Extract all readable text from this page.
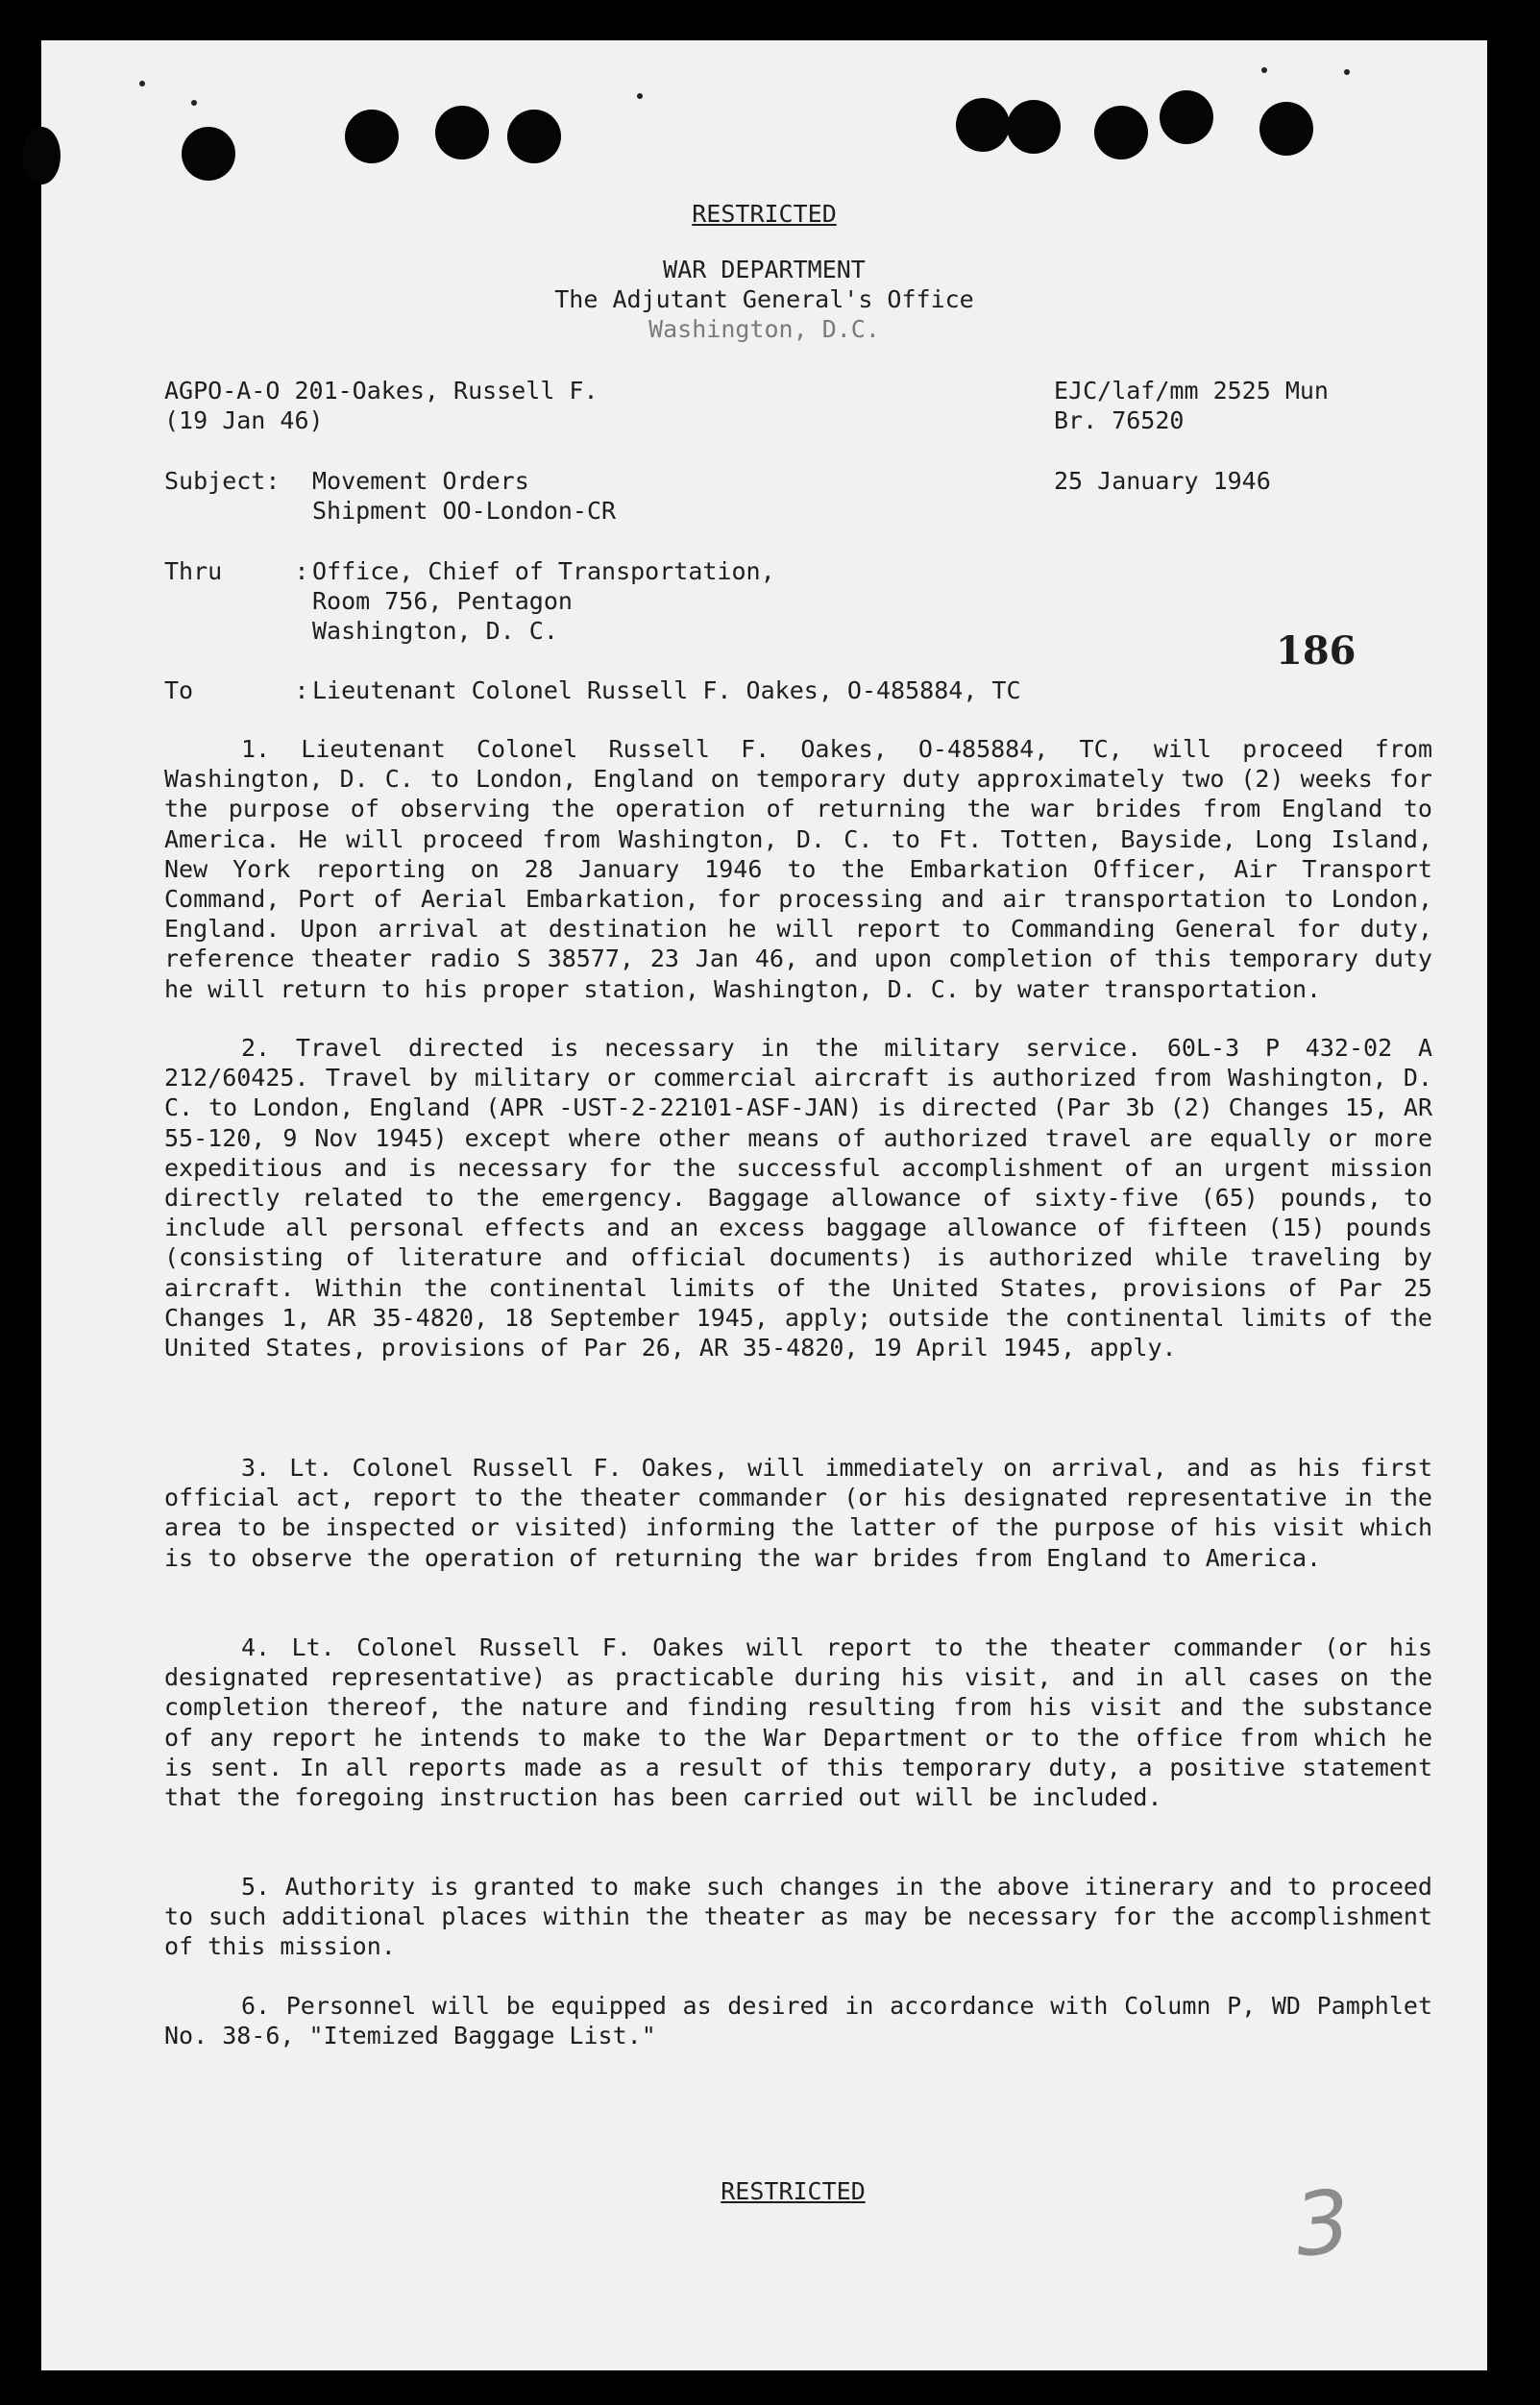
RESTRICTED
WAR DEPARTMENT
The Adjutant General's Office
Washington, D.C.
AGPO-A-O 201-Oakes, Russell F.
(19 Jan 46)
EJC/laf/mm 2525 Mun
Br. 76520
Subject: Movement Orders
Shipment OO-London-CR
25 January 1946
Thru     : Office, Chief of Transportation,
Room 756, Pentagon
Washington, D. C.	186
To       : Lieutenant Colonel Russell F. Oakes, O-485884, TC

1. Lieutenant Colonel Russell F. Oakes, O-485884, TC, will proceed from Washington, D. C. to London, England on temporary duty approximately two (2) weeks for the purpose of observing the operation of returning the war brides from England to America. He will proceed from Washington, D. C. to Ft. Totten, Bayside, Long Island, New York reporting on 28 January 1946 to the Embarkation Officer, Air Transport Command, Port of Aerial Embarkation, for processing and air transportation to London, England. Upon arrival at destination he will report to Commanding General for duty, reference theater radio S 38577, 23 Jan 46, and upon completion of this temporary duty he will return to his proper station, Washington, D. C. by water transportation.

2. Travel directed is necessary in the military service. 60L-3 P 432-02 A 212/60425. Travel by military or commercial aircraft is authorized from Washington, D. C. to London, England (APR -UST-2-22101-ASF-JAN) is directed (Par 3b (2) Changes 15, AR 55-120, 9 Nov 1945) except where other means of authorized travel are equally or more expeditious and is necessary for the successful accomplishment of an urgent mission directly related to the emergency. Baggage allowance of sixty-five (65) pounds, to include all personal effects and an excess baggage allowance of fifteen (15) pounds (consisting of literature and official documents) is authorized while traveling by aircraft. Within the continental limits of the United States, provisions of Par 25 Changes 1, AR 35-4820, 18 September 1945, apply; outside the continental limits of the United States, provisions of Par 26, AR 35-4820, 19 April 1945, apply.

3. Lt. Colonel Russell F. Oakes, will immediately on arrival, and as his first official act, report to the theater commander (or his designated representative in the area to be inspected or visited) informing the latter of the purpose of his visit which is to observe the operation of returning the war brides from England to America.

4. Lt. Colonel Russell F. Oakes will report to the theater commander (or his designated representative) as practicable during his visit, and in all cases on the completion thereof, the nature and finding resulting from his visit and the substance of any report he intends to make to the War Department or to the office from which he is sent. In all reports made as a result of this temporary duty, a positive statement that the foregoing instruction has been carried out will be included.

5. Authority is granted to make such changes in the above itinerary and to proceed to such additional places within the theater as may be necessary for the accomplishment of this mission.

6. Personnel will be equipped as desired in accordance with Column P, WD Pamphlet No. 38-6, "Itemized Baggage List."

RESTRICTED	3
